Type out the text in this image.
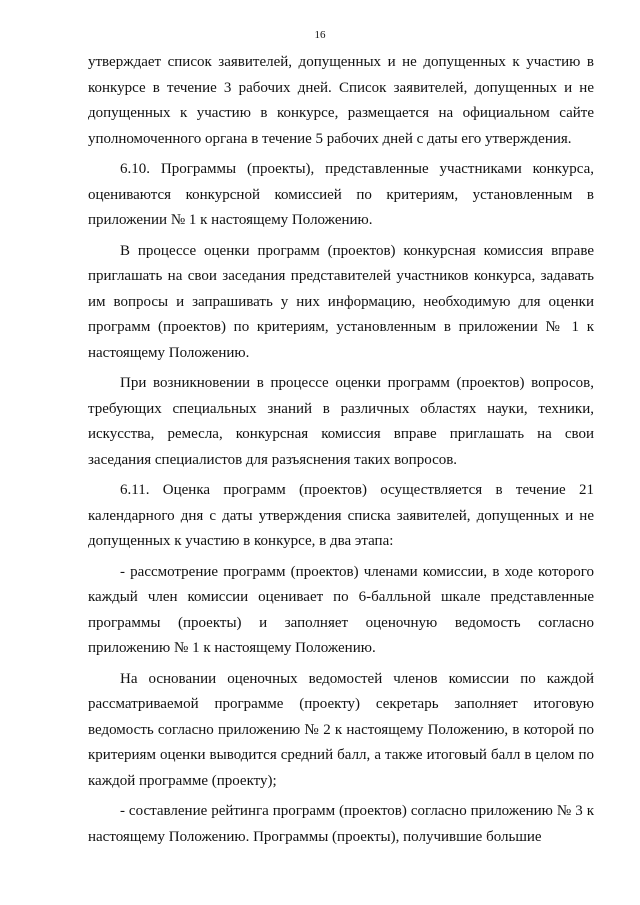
16

утверждает список заявителей, допущенных и не допущенных к участию в конкурсе в течение 3 рабочих дней. Список заявителей, допущенных и не допущенных к участию в конкурсе, размещается на официальном сайте уполномоченного органа в течение 5 рабочих дней с даты его утверждения.

6.10. Программы (проекты), представленные участниками конкурса, оцениваются конкурсной комиссией по критериям, установленным в приложении № 1 к настоящему Положению.

В процессе оценки программ (проектов) конкурсная комиссия вправе приглашать на свои заседания представителей участников конкурса, задавать им вопросы и запрашивать у них информацию, необходимую для оценки программ (проектов) по критериям, установленным в приложении № 1 к настоящему Положению.

При возникновении в процессе оценки программ (проектов) вопросов, требующих специальных знаний в различных областях науки, техники, искусства, ремесла, конкурсная комиссия вправе приглашать на свои заседания специалистов для разъяснения таких вопросов.

6.11. Оценка программ (проектов) осуществляется в течение 21 календарного дня с даты утверждения списка заявителей, допущенных и не допущенных к участию в конкурсе, в два этапа:

- рассмотрение программ (проектов) членами комиссии, в ходе которого каждый член комиссии оценивает по 6-балльной шкале представленные программы (проекты) и заполняет оценочную ведомость согласно приложению № 1 к настоящему Положению.

На основании оценочных ведомостей членов комиссии по каждой рассматриваемой программе (проекту) секретарь заполняет итоговую ведомость согласно приложению № 2 к настоящему Положению, в которой по критериям оценки выводится средний балл, а также итоговый балл в целом по каждой программе (проекту);

- составление рейтинга программ (проектов) согласно приложению № 3 к настоящему Положению. Программы (проекты), получившие большие
